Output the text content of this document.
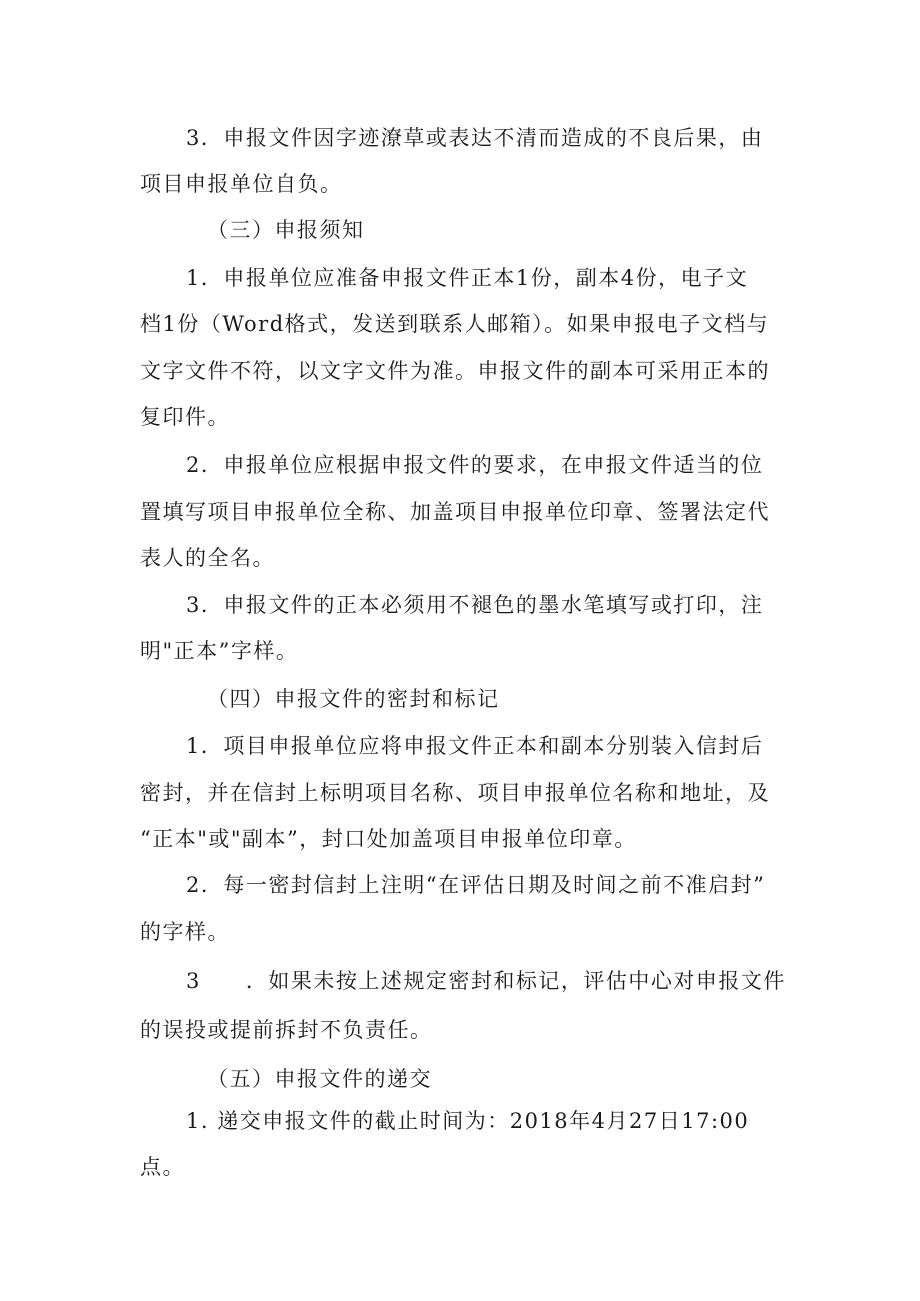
3．申报文件因字迹潦草或表达不清而造成的不良后果，由

项目申报单位自负。

（三）申报须知

1．申报单位应准备申报文件正本1份，副本4份，电子文

档1份（Word格式，发送到联系人邮箱）。如果申报电子文档与

文字文件不符，以文字文件为准。申报文件的副本可采用正本的

复印件。

2．申报单位应根据申报文件的要求，在申报文件适当的位

置填写项目申报单位全称、加盖项目申报单位印章、签署法定代

表人的全名。

3．申报文件的正本必须用不褪色的墨水笔填写或打印，注

明"正本”字样。

（四）申报文件的密封和标记

1．项目申报单位应将申报文件正本和副本分别装入信封后

密封，并在信封上标明项目名称、项目申报单位名称和地址，及

“正本"或"副本”，封口处加盖项目申报单位印章。

2．每一密封信封上注明“在评估日期及时间之前不准启封”

的字样。

3　　．如果未按上述规定密封和标记，评估中心对申报文件

的误投或提前拆封不负责任。

（五）申报文件的递交

1. 递交申报文件的截止时间为：2018年4月27日17:00

点。
